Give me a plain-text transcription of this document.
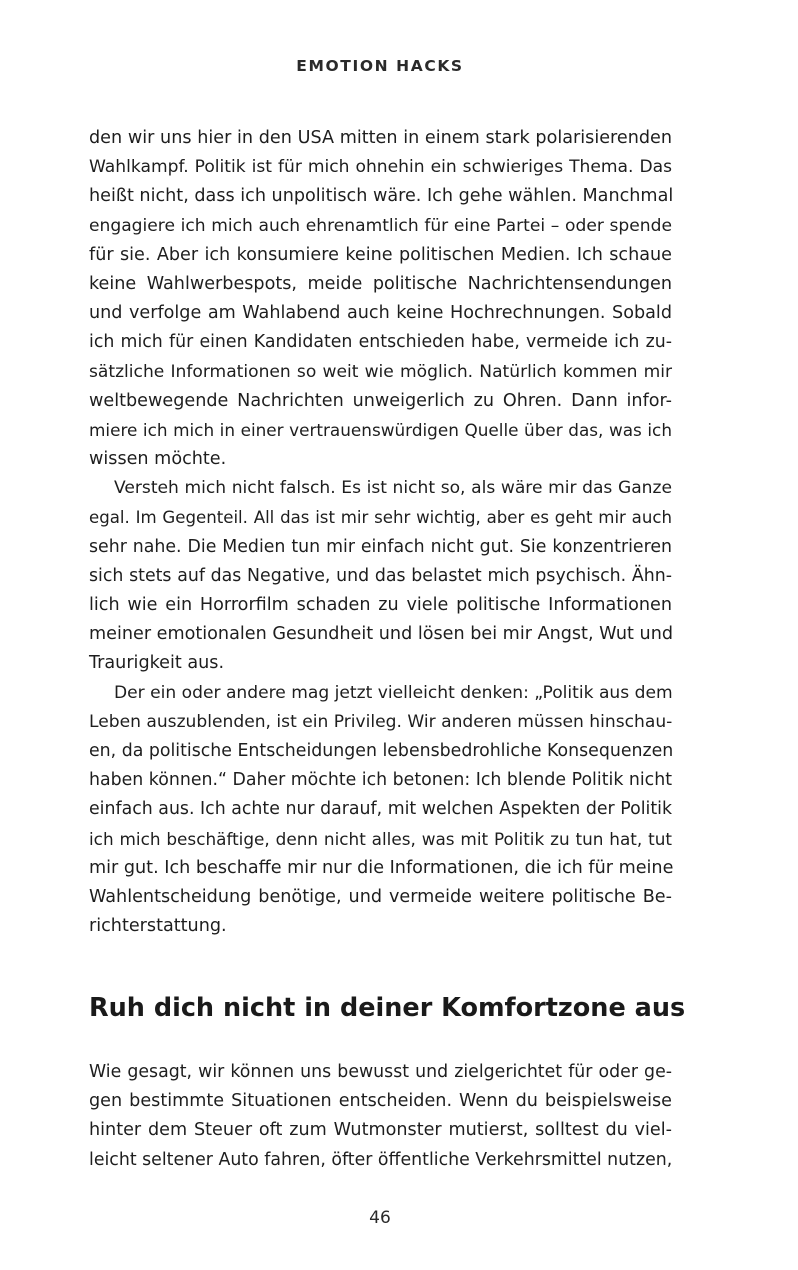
EMOTION HACKS
den wir uns hier in den USA mitten in einem stark polarisierenden
Wahlkampf. Politik ist für mich ohnehin ein schwieriges Thema. Das
heißt nicht, dass ich unpolitisch wäre. Ich gehe wählen. Manchmal
engagiere ich mich auch ehrenamtlich für eine Partei – oder spende
für sie. Aber ich konsumiere keine politischen Medien. Ich schaue
keine Wahlwerbespots, meide politische Nachrichtensendungen
und verfolge am Wahlabend auch keine Hochrechnungen. Sobald
ich mich für einen Kandidaten entschieden habe, vermeide ich zu-
sätzliche Informationen so weit wie möglich. Natürlich kommen mir
weltbewegende Nachrichten unweigerlich zu Ohren. Dann infor-
miere ich mich in einer vertrauenswürdigen Quelle über das, was ich
wissen möchte.
Versteh mich nicht falsch. Es ist nicht so, als wäre mir das Ganze
egal. Im Gegenteil. All das ist mir sehr wichtig, aber es geht mir auch
sehr nahe. Die Medien tun mir einfach nicht gut. Sie konzentrieren
sich stets auf das Negative, und das belastet mich psychisch. Ähn-
lich wie ein Horrorfilm schaden zu viele politische Informationen
meiner emotionalen Gesundheit und lösen bei mir Angst, Wut und
Traurigkeit aus.
Der ein oder andere mag jetzt vielleicht denken: „Politik aus dem
Leben auszublenden, ist ein Privileg. Wir anderen müssen hinschau-
en, da politische Entscheidungen lebensbedrohliche Konsequenzen
haben können.“ Daher möchte ich betonen: Ich blende Politik nicht
einfach aus. Ich achte nur darauf, mit welchen Aspekten der Politik
ich mich beschäftige, denn nicht alles, was mit Politik zu tun hat, tut
mir gut. Ich beschaffe mir nur die Informationen, die ich für meine
Wahlentscheidung benötige, und vermeide weitere politische Be-
richterstattung.
Ruh dich nicht in deiner Komfortzone aus
Wie gesagt, wir können uns bewusst und zielgerichtet für oder ge-
gen bestimmte Situationen entscheiden. Wenn du beispielsweise
hinter dem Steuer oft zum Wutmonster mutierst, solltest du viel-
leicht seltener Auto fahren, öfter öffentliche Verkehrsmittel nutzen,
46
